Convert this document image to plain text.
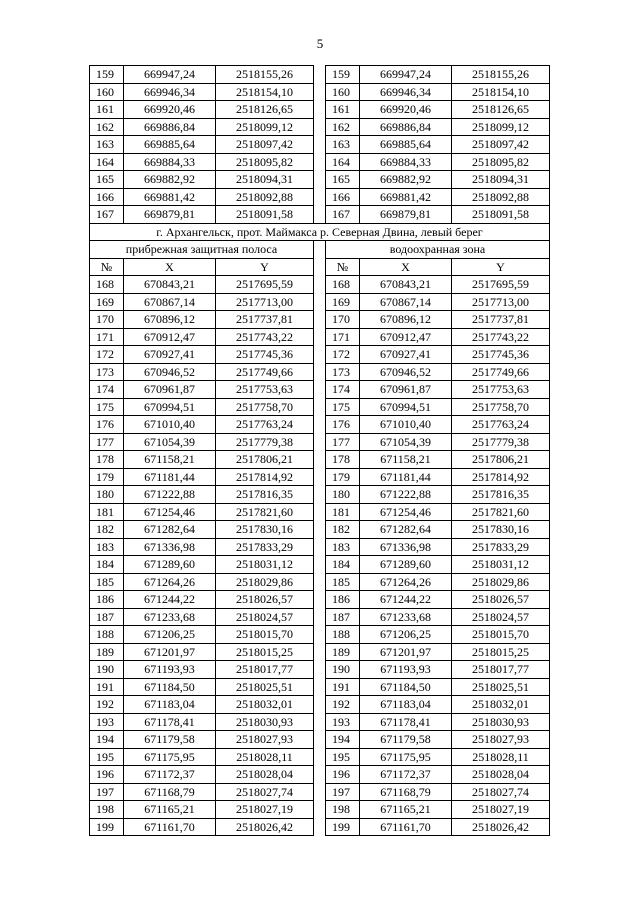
5
159	669947,24	2518155,26		159	669947,24	2518155,26
160	669946,34	2518154,10		160	669946,34	2518154,10
161	669920,46	2518126,65		161	669920,46	2518126,65
162	669886,84	2518099,12		162	669886,84	2518099,12
163	669885,64	2518097,42		163	669885,64	2518097,42
164	669884,33	2518095,82		164	669884,33	2518095,82
165	669882,92	2518094,31		165	669882,92	2518094,31
166	669881,42	2518092,88		166	669881,42	2518092,88
167	669879,81	2518091,58		167	669879,81	2518091,58
г. Архангельск, прот. Маймакса р. Северная Двина, левый берег						
прибрежная защитная полоса				водоохранная зона		
№	X	Y		№	X	Y
168	670843,21	2517695,59		168	670843,21	2517695,59
169	670867,14	2517713,00		169	670867,14	2517713,00
170	670896,12	2517737,81		170	670896,12	2517737,81
171	670912,47	2517743,22		171	670912,47	2517743,22
172	670927,41	2517745,36		172	670927,41	2517745,36
173	670946,52	2517749,66		173	670946,52	2517749,66
174	670961,87	2517753,63		174	670961,87	2517753,63
175	670994,51	2517758,70		175	670994,51	2517758,70
176	671010,40	2517763,24		176	671010,40	2517763,24
177	671054,39	2517779,38		177	671054,39	2517779,38
178	671158,21	2517806,21		178	671158,21	2517806,21
179	671181,44	2517814,92		179	671181,44	2517814,92
180	671222,88	2517816,35		180	671222,88	2517816,35
181	671254,46	2517821,60		181	671254,46	2517821,60
182	671282,64	2517830,16		182	671282,64	2517830,16
183	671336,98	2517833,29		183	671336,98	2517833,29
184	671289,60	2518031,12		184	671289,60	2518031,12
185	671264,26	2518029,86		185	671264,26	2518029,86
186	671244,22	2518026,57		186	671244,22	2518026,57
187	671233,68	2518024,57		187	671233,68	2518024,57
188	671206,25	2518015,70		188	671206,25	2518015,70
189	671201,97	2518015,25		189	671201,97	2518015,25
190	671193,93	2518017,77		190	671193,93	2518017,77
191	671184,50	2518025,51		191	671184,50	2518025,51
192	671183,04	2518032,01		192	671183,04	2518032,01
193	671178,41	2518030,93		193	671178,41	2518030,93
194	671179,58	2518027,93		194	671179,58	2518027,93
195	671175,95	2518028,11		195	671175,95	2518028,11
196	671172,37	2518028,04		196	671172,37	2518028,04
197	671168,79	2518027,74		197	671168,79	2518027,74
198	671165,21	2518027,19		198	671165,21	2518027,19
199	671161,70	2518026,42		199	671161,70	2518026,42
